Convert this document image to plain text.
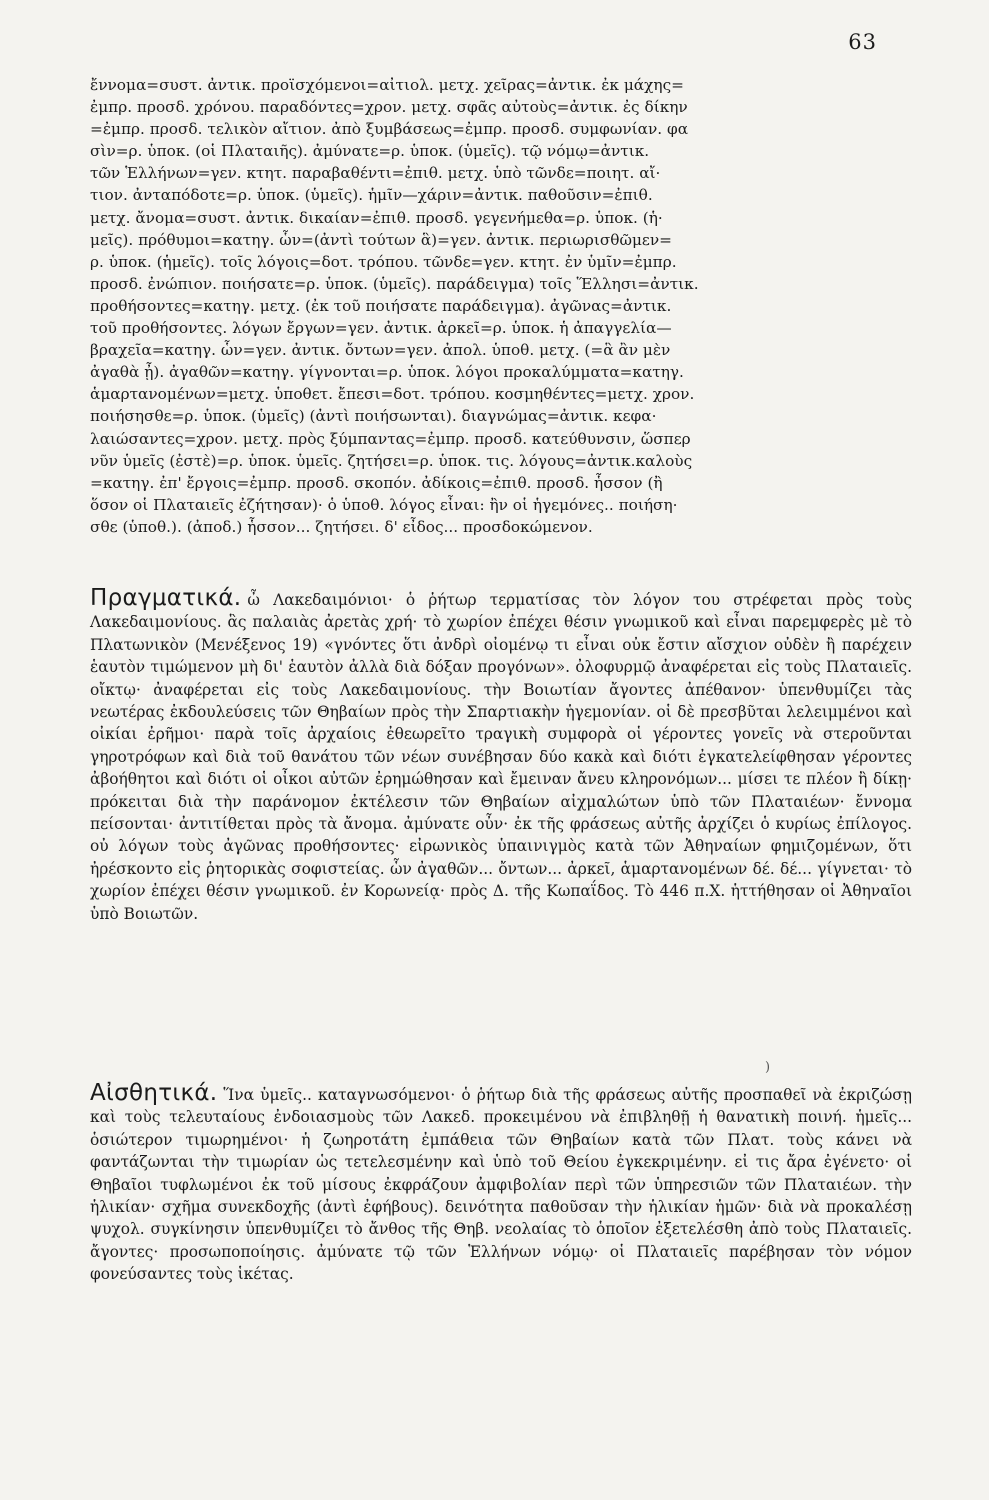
63
ἔννομα=συστ. ἀντικ. προϊσχόμενοι=αἰτιολ. μετχ. χεῖρας=ἀντικ. ἐκ μάχης=
ἐμπρ. προσδ. χρόνου. παραδόντες=χρον. μετχ. σφᾶς αὐτοὺς=ἀντικ. ἐς δίκην
=ἐμπρ. προσδ. τελικὸν αἴτιον. ἀπὸ ξυμβάσεως=ἐμπρ. προσδ. συμφωνίαν. φα
σὶν=ρ. ὑποκ. (οἱ Πλαταιῆς). ἀμύνατε=ρ. ὑποκ. (ὑμεῖς). τῷ νόμῳ=ἀντικ.
τῶν Ἑλλήνων=γεν. κτητ. παραβαθέντι=ἐπιθ. μετχ. ὑπὸ τῶνδε=ποιητ. αἴ·
τιον. ἀνταπόδοτε=ρ. ὑποκ. (ὑμεῖς). ἡμῖν—χάριν=ἀντικ. παθοῦσιν=ἐπιθ.
μετχ. ἄνομα=συστ. ἀντικ. δικαίαν=ἐπιθ. προσδ. γεγενήμεθα=ρ. ὑποκ. (ἡ·
μεῖς). πρόθυμοι=κατηγ. ὧν=(ἀντὶ τούτων ἃ)=γεν. ἀντικ. περιωρισθῶμεν=
ρ. ὑποκ. (ἡμεῖς). τοῖς λόγοις=δοτ. τρόπου. τῶνδε=γεν. κτητ. ἐν ὑμῖν=ἐμπρ.
προσδ. ἐνώπιον. ποιήσατε=ρ. ὑποκ. (ὑμεῖς). παράδειγμα) τοῖς Ἕλλησι=ἀντικ.
προθήσοντες=κατηγ. μετχ. (ἐκ τοῦ ποιήσατε παράδειγμα). ἀγῶνας=ἀντικ.
τοῦ προθήσοντες. λόγων ἔργων=γεν. ἀντικ. ἀρκεῖ=ρ. ὑποκ. ἡ ἀπαγγελία—
βραχεῖα=κατηγ. ὧν=γεν. ἀντικ. ὄντων=γεν. ἀπολ. ὑποθ. μετχ. (=ἃ ἂν μὲν
ἀγαθὰ ᾖ). ἀγαθῶν=κατηγ. γίγνονται=ρ. ὑποκ. λόγοι προκαλύμματα=κατηγ.
ἁμαρτανομένων=μετχ. ὑποθετ. ἔπεσι=δοτ. τρόπου. κοσμηθέντες=μετχ. χρον.
ποιήσησθε=ρ. ὑποκ. (ὑμεῖς) (ἀντὶ ποιήσωνται). διαγνώμας=ἀντικ. κεφα·
λαιώσαντες=χρον. μετχ. πρὸς ξύμπαντας=ἐμπρ. προσδ. κατεύθυνσιν, ὥσπερ
νῦν ὑμεῖς (ἐστὲ)=ρ. ὑποκ. ὑμεῖς. ζητήσει=ρ. ὑποκ. τις. λόγους=ἀντικ.καλοὺς
=κατηγ. ἐπ' ἔργοις=ἐμπρ. προσδ. σκοπόν. ἀδίκοις=ἐπιθ. προσδ. ἧσσον (ἢ
ὅσον οἱ Πλαταιεῖς ἐζήτησαν)· ὁ ὑποθ. λόγος εἶναι: ἢν οἱ ἡγεμόνες.. ποιήση·
σθε (ὑποθ.). (ἀποδ.) ἧσσον... ζητήσει. δ' εἶδος... προσδοκώμενον.
Πραγματικά. ὦ Λακεδαιμόνιοι· ὁ ῥήτωρ τερματίσας τὸν λόγον του στρέφεται πρὸς τοὺς Λακεδαιμονίους. ἃς παλαιὰς ἀρετὰς χρή· τὸ χωρίον ἐπέχει θέσιν γνωμικοῦ καὶ εἶναι παρεμφερὲς μὲ τὸ Πλατωνικὸν (Μενέξενος 19) «γνόντες ὅτι ἀνδρὶ οἰομένῳ τι εἶναι οὐκ ἔστιν αἴσχιον οὐδὲν ἢ παρέχειν ἑαυτὸν τιμώμενον μὴ δι' ἑαυτὸν ἀλλὰ διὰ δόξαν προγόνων». ὀλοφυρμῷ ἀναφέρεται εἰς τοὺς Πλαταιεῖς. οἴκτῳ· ἀναφέρεται εἰς τοὺς Λακεδαιμονίους. τὴν Βοιωτίαν ἄγοντες ἀπέθανον· ὑπενθυμίζει τὰς νεωτέρας ἐκδουλεύσεις τῶν Θηβαίων πρὸς τὴν Σπαρτιακὴν ἡγεμονίαν. οἱ δὲ πρεσβῦται λελειμμένοι καὶ οἰκίαι ἐρῆμοι· παρὰ τοῖς ἀρχαίοις ἐθεωρεῖτο τραγικὴ συμφορὰ οἱ γέροντες γονεῖς νὰ στεροῦνται γηροτρόφων καὶ διὰ τοῦ θανάτου τῶν νέων συνέβησαν δύο κακὰ καὶ διότι ἐγκατελείφθησαν γέροντες ἀβοήθητοι καὶ διότι οἱ οἶκοι αὐτῶν ἐρημώθησαν καὶ ἔμειναν ἄνευ κληρονόμων... μίσει τε πλέον ἢ δίκῃ· πρόκειται διὰ τὴν παράνομον ἐκτέλεσιν τῶν Θηβαίων αἰχμαλώτων ὑπὸ τῶν Πλαταιέων· ἔννομα πείσονται· ἀντιτίθεται πρὸς τὰ ἄνομα. ἀμύνατε οὖν· ἐκ τῆς φράσεως αὐτῆς ἀρχίζει ὁ κυρίως ἐπίλογος. οὐ λόγων τοὺς ἀγῶνας προθήσοντες· εἰρωνικὸς ὑπαινιγμὸς κατὰ τῶν Ἀθηναίων φημιζομένων, ὅτι ἠρέσκοντο εἰς ῥητορικὰς σοφιστείας. ὧν ἀγαθῶν... ὄντων... ἀρκεῖ, ἁμαρτανομένων δέ. δέ... γίγνεται· τὸ χωρίον ἐπέχει θέσιν γνωμικοῦ. ἐν Κορωνείᾳ· πρὸς Δ. τῆς Κωπαΐδος. Τὸ 446 π.Χ. ἡττήθησαν οἱ Ἀθηναῖοι ὑπὸ Βοιωτῶν.
)
Αἰσθητικά. Ἵνα ὑμεῖς.. καταγνωσόμενοι· ὁ ῥήτωρ διὰ τῆς φράσεως αὐτῆς προσπαθεῖ νὰ ἐκριζώσῃ καὶ τοὺς τελευταίους ἐνδοιασμοὺς τῶν Λακεδ. προκειμένου νὰ ἐπιβληθῇ ἡ θανατικὴ ποινή. ἡμεῖς... ὁσιώτερον τιμωρημένοι· ἡ ζωηροτάτη ἐμπάθεια τῶν Θηβαίων κατὰ τῶν Πλατ. τοὺς κάνει νὰ φαντάζωνται τὴν τιμωρίαν ὡς τετελεσμένην καὶ ὑπὸ τοῦ Θείου ἐγκεκριμένην. εἰ τις ἄρα ἐγένετο· οἱ Θηβαῖοι τυφλωμένοι ἐκ τοῦ μίσους ἐκφράζουν ἀμφιβολίαν περὶ τῶν ὑπηρεσιῶν τῶν Πλαταιέων. τὴν ἡλικίαν· σχῆμα συνεκδοχῆς (ἀντὶ ἐφήβους). δεινότητα παθοῦσαν τὴν ἡλικίαν ἡμῶν· διὰ νὰ προκαλέσῃ ψυχολ. συγκίνησιν ὑπενθυμίζει τὸ ἄνθος τῆς Θηβ. νεολαίας τὸ ὁποῖον ἐξετελέσθη ἀπὸ τοὺς Πλαταιεῖς. ἄγοντες· προσωποποίησις. ἀμύνατε τῷ τῶν Ἑλλήνων νόμῳ· οἱ Πλαταιεῖς παρέβησαν τὸν νόμον φονεύσαντες τοὺς ἱκέτας.
